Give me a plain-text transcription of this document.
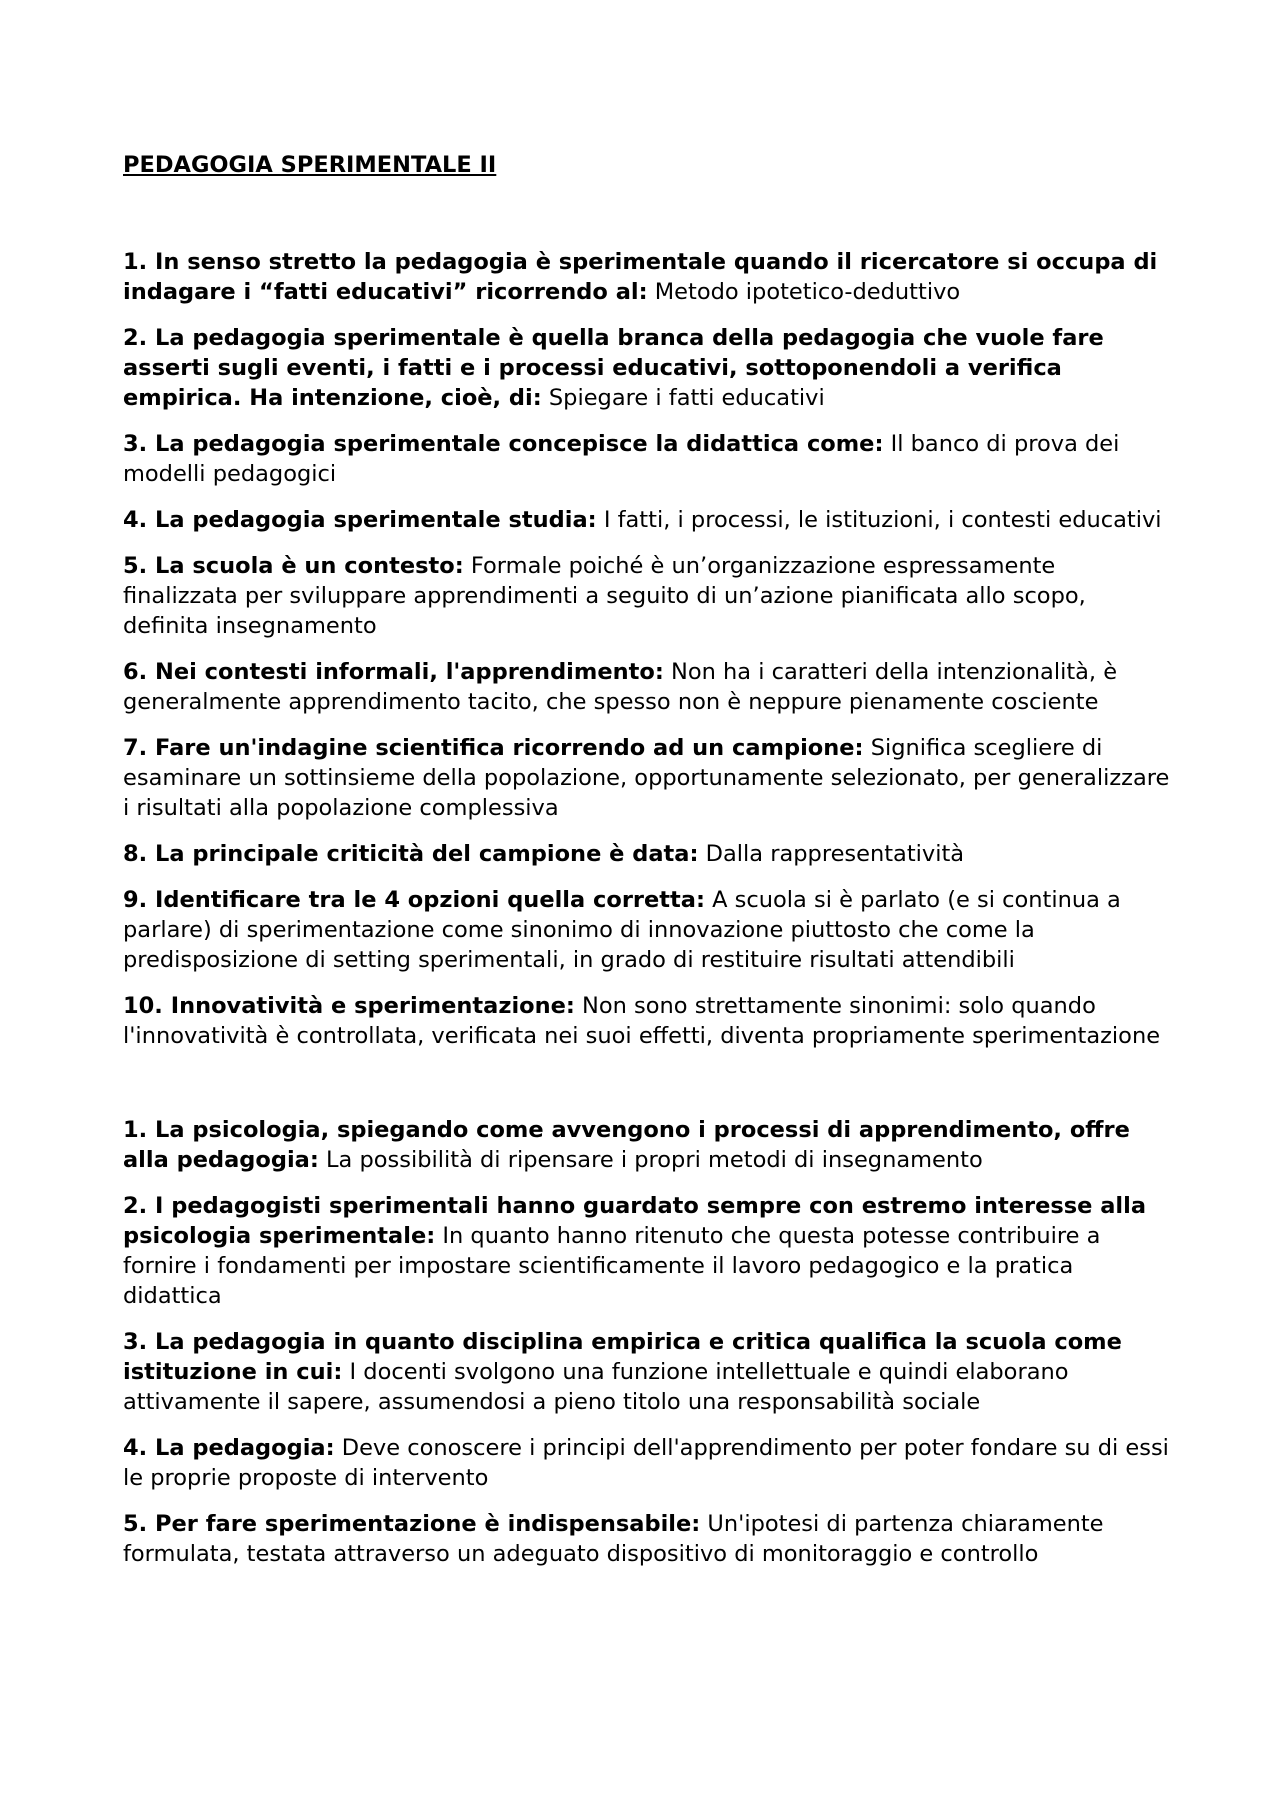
PEDAGOGIA SPERIMENTALE II

1. In senso stretto la pedagogia è sperimentale quando il ricercatore si occupa di indagare i “fatti educativi” ricorrendo al: Metodo ipotetico-deduttivo

2. La pedagogia sperimentale è quella branca della pedagogia che vuole fare asserti sugli eventi, i fatti e i processi educativi, sottoponendoli a verifica empirica. Ha intenzione, cioè, di: Spiegare i fatti educativi

3. La pedagogia sperimentale concepisce la didattica come: Il banco di prova dei modelli pedagogici

4. La pedagogia sperimentale studia: I fatti, i processi, le istituzioni, i contesti educativi

5. La scuola è un contesto: Formale poiché è un’organizzazione espressamente finalizzata per sviluppare apprendimenti a seguito di un’azione pianificata allo scopo, definita insegnamento

6. Nei contesti informali, l'apprendimento: Non ha i caratteri della intenzionalità, è generalmente apprendimento tacito, che spesso non è neppure pienamente cosciente

7. Fare un'indagine scientifica ricorrendo ad un campione: Significa scegliere di esaminare un sottinsieme della popolazione, opportunamente selezionato, per generalizzare i risultati alla popolazione complessiva

8. La principale criticità del campione è data: Dalla rappresentatività

9. Identificare tra le 4 opzioni quella corretta: A scuola si è parlato (e si continua a parlare) di sperimentazione come sinonimo di innovazione piuttosto che come la predisposizione di setting sperimentali, in grado di restituire risultati attendibili

10. Innovatività e sperimentazione: Non sono strettamente sinonimi: solo quando l'innovatività è controllata, verificata nei suoi effetti, diventa propriamente sperimentazione

1. La psicologia, spiegando come avvengono i processi di apprendimento, offre alla pedagogia: La possibilità di ripensare i propri metodi di insegnamento

2. I pedagogisti sperimentali hanno guardato sempre con estremo interesse alla psicologia sperimentale: In quanto hanno ritenuto che questa potesse contribuire a fornire i fondamenti per impostare scientificamente il lavoro pedagogico e la pratica didattica

3. La pedagogia in quanto disciplina empirica e critica qualifica la scuola come istituzione in cui: I docenti svolgono una funzione intellettuale e quindi elaborano attivamente il sapere, assumendosi a pieno titolo una responsabilità sociale

4. La pedagogia: Deve conoscere i principi dell'apprendimento per poter fondare su di essi le proprie proposte di intervento

5. Per fare sperimentazione è indispensabile: Un'ipotesi di partenza chiaramente formulata, testata attraverso un adeguato dispositivo di monitoraggio e controllo
